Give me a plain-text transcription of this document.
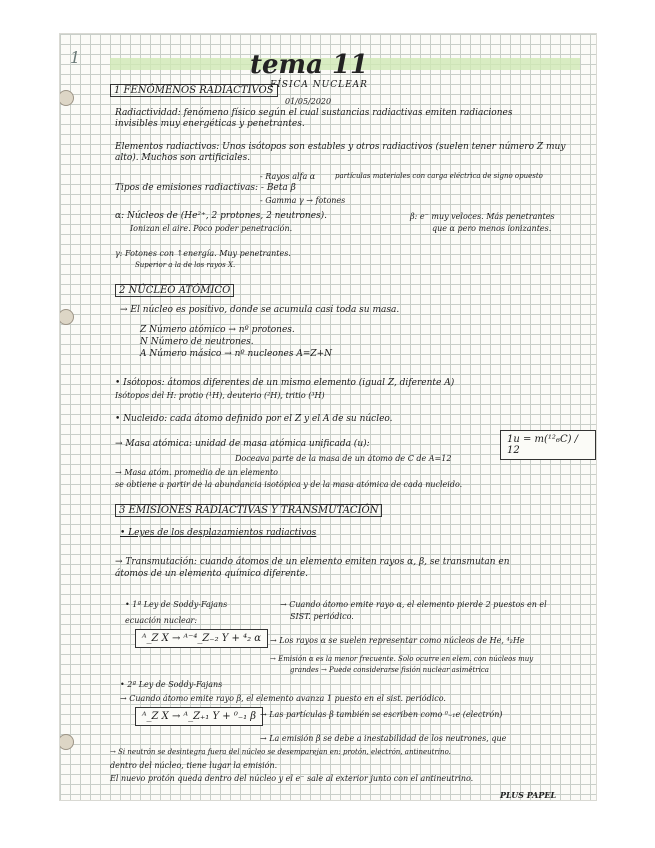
1	tema 11
FÍSICA NUCLEAR
01/05/2020
1 FENÓMENOS RADIACTIVOS
Radiactividad: fenómeno físico según el cual sustancias radiactivas emiten radiaciones
invisibles muy energéticas y penetrantes.
Elementos radiactivos: Unos isótopos son estables y otros radiactivos (suelen tener número Z muy
alto). Muchos son artificiales.
- Rayos alfa α	partículas materiales con carga eléctrica de signo opuesto
Tipos de emisiones radiactivas: - Beta β
- Gamma γ → fotones
α: Núcleos de (He²⁺, 2 protones, 2 neutrones).
Ionizan el aire. Poco poder penetración.
β: e⁻ muy veloces. Más penetrantes
que α pero menos ionizantes.
γ: Fotones con ↑energía. Muy penetrantes.
Superior a la de los rayos X.
2 NÚCLEO ATÓMICO
→ El núcleo es positivo, donde se acumula casi toda su masa.
Z Número atómico → nº protones.
N Número de neutrones.
A Número másico → nº nucleones A=Z+N
• Isótopos: átomos diferentes de un mismo elemento (igual Z, diferente A)
Isótopos del H: protio (¹H), deuterio (²H), tritio (³H)
• Nucleido: cada átomo definido por el Z y el A de su núcleo.
→ Masa atómica: unidad de masa atómica unificada (u):
Doceava parte de la masa de un átomo de C de A=12
1u = m(¹²₆C) / 12
→ Masa atóm. promedio de un elemento
se obtiene a partir de la abundancia isotópica y de la masa atómica de cada nucleido.
3 EMISIONES RADIACTIVAS Y TRANSMUTACIÓN
• Leyes de los desplazamientos radiactivos
→ Transmutación: cuando átomos de un elemento emiten rayos α, β, se transmutan en
átomos de un elemento químico diferente.
• 1ª Ley de Soddy-Fajans	→ Cuando átomo emite rayo α, el elemento pierde 2 puestos en el
SIST. periódico.
ecuación nuclear:
ᴬ_Z X → ᴬ⁻⁴_Z₋₂ Y + ⁴₂ α	→ Los rayos α se suelen representar como núcleos de He, ⁴₂He
→ Emisión α es la menor frecuente. Solo ocurre en elem. con núcleos muy
grandes → Puede considerarse fisión nuclear asimétrica
• 2ª Ley de Soddy-Fajans
→ Cuando átomo emite rayo β, el elemento avanza 1 puesto en el sist. periódico.
ᴬ_Z X → ᴬ_Z₊₁ Y + ⁰₋₁ β → Las partículas β también se escriben como ⁰₋₁e (electrón)
→ La emisión β se debe a inestabilidad de los neutrones, que
→ Si neutrón se desintegra fuera del núcleo se desemparejan en: protón, electrón, antineutrino.
dentro del núcleo, tiene lugar la emisión.
El nuevo protón queda dentro del núcleo y el e⁻ sale al exterior junto con el antineutrino.
PLUS PAPEL
